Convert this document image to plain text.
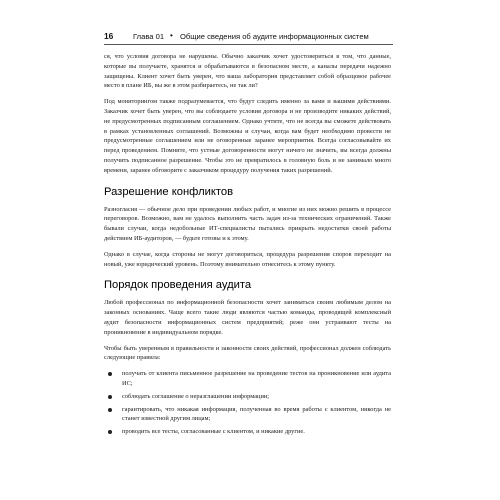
16	Глава 01 • Общие сведения об аудите информационных систем

ся, что условия договора не нарушены. Обычно заказчик хочет удостовериться в том, что данные, которые вы получаете, хранятся и обрабатываются в безопасном месте, а каналы передачи надежно защищены. Клиент хочет быть уверен, что ваша лаборатория представляет собой образцовое рабочее место в плане ИБ, вы же в этом разбираетесь, не так ли?

Под мониторингом также подразумевается, что будут следить именно за вами и вашими действиями. Заказчик хочет быть уверен, что вы соблюдаете условия договора и не производите никаких действий, не предусмотренных подписанным соглашением. Однако учтите, что не всегда вы сможете действовать в рамках установленных соглашений. Возможны и случаи, когда вам будет необходимо провести не предусмотренные соглашением или не оговоренные заранее мероприятия. Всегда согласовывайте их перед проведением. Помните, что устные договоренности могут ничего не значить, вы всегда должны получить подписанное разрешение. Чтобы это не превратилось в головную боль и не занимало много времени, заранее обговорите с заказчиком процедуру получения таких разрешений.

Разрешение конфликтов

Разногласия — обычное дело при проведении любых работ, и многие из них можно решить в процессе переговоров. Возможно, вам не удалось выполнить часть задач из-за технических ограничений. Также бывали случаи, когда недобольные ИТ-специалисты пытались прикрыть недостатки своей работы действием ИБ-аудиторов, — будьте готовы и к этому.

Однако в случае, когда стороны не могут договориться, процедура разрешения споров переходит на новый, уже юридический уровень. Поэтому внимательно отнеситесь к этому пункту.

Порядок проведения аудита

Любой профессионал по информационной безопасности хочет заниматься своим любимым делом на законных основаниях. Чаще всего такие люди являются частью команды, проводящей комплексный аудит безопасности информационных систем предприятий; реже они устраивают тесты на проникновение в индивидуальном порядке.

Чтобы быть уверенным в правильности и законности своих действий, профессионал должен соблюдать следующие правила:

получать от клиента письменное разрешение на проведение тестов на проникновение или аудита ИС;
соблюдать соглашение о неразглашении информации;
гарантировать, что никакая информация, полученная во время работы с клиентом, никогда не станет известной другим лицам;
проводить все тесты, согласованные с клиентом, и никакие другие.
